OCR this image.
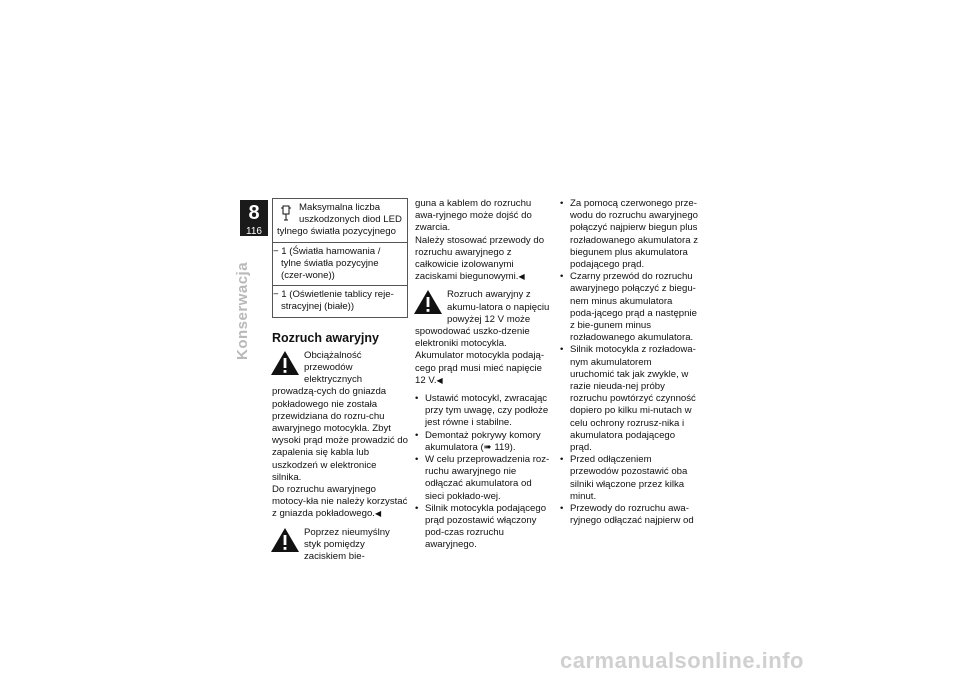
8
116
Konserwacja
Maksymalna liczba uszkodzonych diod LED tylnego światła pozycyjnego
− 1 (Światła hamowania / tylne światła pozycyjne (czer-wone))
− 1 (Oświetlenie tablicy reje-stracyjnej (białe))
Rozruch awaryjny

Obciążalność przewodów elektrycznych prowadzą-cych do gniazda pokładowego nie została przewidziana do rozru-chu awaryjnego motocykla. Zbyt wysoki prąd może prowadzić do zapalenia się kabla lub uszkodzeń w elektronice silnika.

Do rozruchu awaryjnego motocy-kła nie należy korzystać z gniazda pokładowego.◀

Poprzez nieumyślny styk pomiędzy zaciskiem bie-

guna a kablem do rozruchu awa-ryjnego może dojść do zwarcia.

Należy stosować przewody do rozruchu awaryjnego z całkowicie izolowanymi zaciskami biegunowymi.◀

Rozruch awaryjny z akumu-latora o napięciu powyżej 12 V może spowodować uszko-dzenie elektroniki motocykla.

Akumulator motocykla podają-cego prąd musi mieć napięcie 12 V.◀

• Ustawić motocykl, zwracając przy tym uwagę, czy podłoże jest równe i stabilne.
• Demontaż pokrywy komory akumulatora (➠ 119).
• W celu przeprowadzenia roz-ruchu awaryjnego nie odłączać akumulatora od sieci pokłado-wej.
• Silnik motocykla podającego prąd pozostawić włączony pod-czas rozruchu awaryjnego.
• Za pomocą czerwonego prze-wodu do rozruchu awaryjnego połączyć najpierw biegun plus rozładowanego akumulatora z biegunem plus akumulatora podającego prąd.
• Czarny przewód do rozruchu awaryjnego połączyć z biegu-nem minus akumulatora poda-jącego prąd a następnie z bie-gunem minus rozładowanego akumulatora.
• Silnik motocykla z rozładowa-nym akumulatorem uruchomić tak jak zwykle, w razie nieuda-nej próby rozruchu powtórzyć czynność dopiero po kilku mi-nutach w celu ochrony rozrusz-nika i akumulatora podającego prąd.
• Przed odłączeniem przewodów pozostawić oba silniki włączone przez kilka minut.
• Przewody do rozruchu awa-ryjnego odłączać najpierw od
carmanualsonline.info
